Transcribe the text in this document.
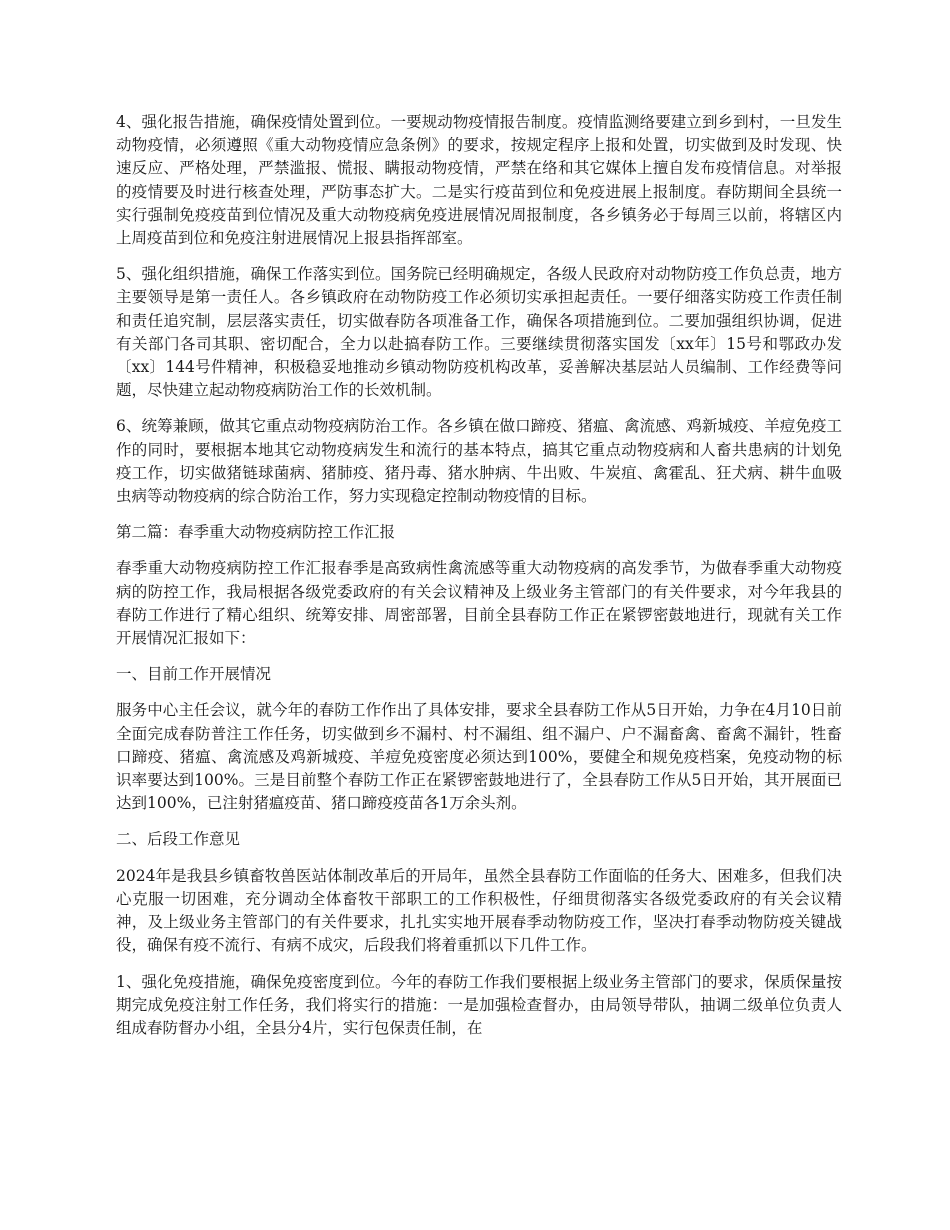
4、强化报告措施，确保疫情处置到位。一要规动物疫情报告制度。疫情监测络要建立到乡到村，一旦发生动物疫情，必须遵照《重大动物疫情应急条例》的要求，按规定程序上报和处置，切实做到及时发现、快速反应、严格处理，严禁滥报、慌报、瞒报动物疫情，严禁在络和其它媒体上擅自发布疫情信息。对举报的疫情要及时进行核查处理，严防事态扩大。二是实行疫苗到位和免疫进展上报制度。春防期间全县统一实行强制免疫疫苗到位情况及重大动物疫病免疫进展情况周报制度，各乡镇务必于每周三以前，将辖区内上周疫苗到位和免疫注射进展情况上报县指挥部室。

5、强化组织措施，确保工作落实到位。国务院已经明确规定，各级人民政府对动物防疫工作负总责，地方主要领导是第一责任人。各乡镇政府在动物防疫工作必须切实承担起责任。一要仔细落实防疫工作责任制和责任追究制，层层落实责任，切实做春防各项准备工作，确保各项措施到位。二要加强组织协调，促进有关部门各司其职、密切配合，全力以赴搞春防工作。三要继续贯彻落实国发〔xx年〕15号和鄂政办发〔xx〕144号件精神，积极稳妥地推动乡镇动物防疫机构改革，妥善解决基层站人员编制、工作经费等问题，尽快建立起动物疫病防治工作的长效机制。

6、统筹兼顾，做其它重点动物疫病防治工作。各乡镇在做口蹄疫、猪瘟、禽流感、鸡新城疫、羊痘免疫工作的同时，要根据本地其它动物疫病发生和流行的基本特点，搞其它重点动物疫病和人畜共患病的计划免疫工作，切实做猪链球菌病、猪肺疫、猪丹毒、猪水肿病、牛出败、牛炭疽、禽霍乱、狂犬病、耕牛血吸虫病等动物疫病的综合防治工作，努力实现稳定控制动物疫情的目标。

第二篇：春季重大动物疫病防控工作汇报

春季重大动物疫病防控工作汇报春季是高致病性禽流感等重大动物疫病的高发季节，为做春季重大动物疫病的防控工作，我局根据各级党委政府的有关会议精神及上级业务主管部门的有关件要求，对今年我县的春防工作进行了精心组织、统筹安排、周密部署，目前全县春防工作正在紧锣密鼓地进行，现就有关工作开展情况汇报如下：

一、目前工作开展情况

服务中心主任会议，就今年的春防工作作出了具体安排，要求全县春防工作从5日开始，力争在4月10日前全面完成春防普注工作任务，切实做到乡不漏村、村不漏组、组不漏户、户不漏畜禽、畜禽不漏针，牲畜口蹄疫、猪瘟、禽流感及鸡新城疫、羊痘免疫密度必须达到100%，要健全和规免疫档案，免疫动物的标识率要达到100%。三是目前整个春防工作正在紧锣密鼓地进行了，全县春防工作从5日开始，其开展面已达到100%，已注射猪瘟疫苗、猪口蹄疫疫苗各1万余头剂。

二、后段工作意见

2024年是我县乡镇畜牧兽医站体制改革后的开局年，虽然全县春防工作面临的任务大、困难多，但我们决心克服一切困难，充分调动全体畜牧干部职工的工作积极性，仔细贯彻落实各级党委政府的有关会议精神，及上级业务主管部门的有关件要求，扎扎实实地开展春季动物防疫工作，坚决打春季动物防疫关键战役，确保有疫不流行、有病不成灾，后段我们将着重抓以下几件工作。

1、强化免疫措施，确保免疫密度到位。今年的春防工作我们要根据上级业务主管部门的要求，保质保量按期完成免疫注射工作任务，我们将实行的措施：一是加强检查督办，由局领导带队，抽调二级单位负责人组成春防督办小组，全县分4片，实行包保责任制，在
